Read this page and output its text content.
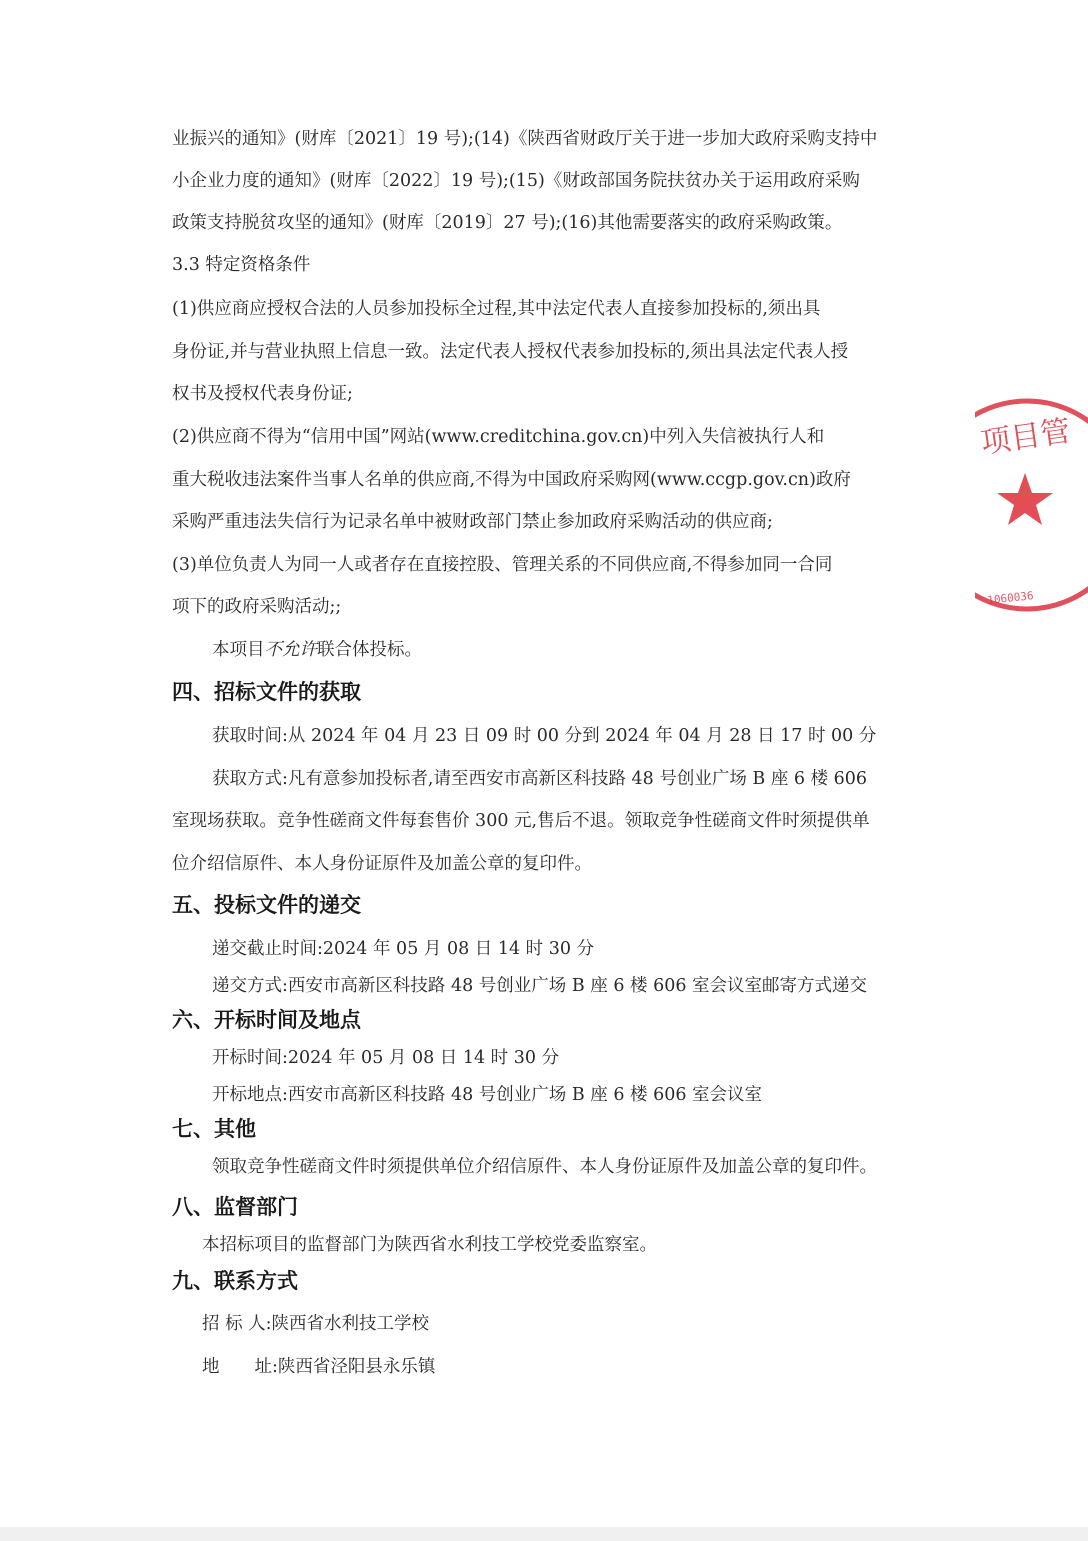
业振兴的通知》(财库〔2021〕19 号);(14)《陕西省财政厅关于进一步加大政府采购支持中
小企业力度的通知》(财库〔2022〕19 号);(15)《财政部国务院扶贫办关于运用政府采购
政策支持脱贫攻坚的通知》(财库〔2019〕27 号);(16)其他需要落实的政府采购政策。
3.3 特定资格条件
(1)供应商应授权合法的人员参加投标全过程,其中法定代表人直接参加投标的,须出具
身份证,并与营业执照上信息一致。法定代表人授权代表参加投标的,须出具法定代表人授
权书及授权代表身份证;
(2)供应商不得为“信用中国”网站(www.creditchina.gov.cn)中列入失信被执行人和
重大税收违法案件当事人名单的供应商,不得为中国政府采购网(www.ccgp.gov.cn)政府
采购严重违法失信行为记录名单中被财政部门禁止参加政府采购活动的供应商;
(3)单位负责人为同一人或者存在直接控股、管理关系的不同供应商,不得参加同一合同
项下的政府采购活动;;
本项目不允许联合体投标。
四、招标文件的获取
获取时间:从 2024 年 04 月 23 日 09 时 00 分到 2024 年 04 月 28 日 17 时 00 分
获取方式:凡有意参加投标者,请至西安市高新区科技路 48 号创业广场 B 座 6 楼 606
室现场获取。竞争性磋商文件每套售价 300 元,售后不退。领取竞争性磋商文件时须提供单
位介绍信原件、本人身份证原件及加盖公章的复印件。
五、投标文件的递交
递交截止时间:2024 年 05 月 08 日 14 时 30 分
递交方式:西安市高新区科技路 48 号创业广场 B 座 6 楼 606 室会议室邮寄方式递交
六、开标时间及地点
开标时间:2024 年 05 月 08 日 14 时 30 分
开标地点:西安市高新区科技路 48 号创业广场 B 座 6 楼 606 室会议室
七、其他
领取竞争性磋商文件时须提供单位介绍信原件、本人身份证原件及加盖公章的复印件。
八、监督部门
本招标项目的监督部门为陕西省水利技工学校党委监察室。
九、联系方式
招 标 人:陕西省水利技工学校
地　　址:陕西省泾阳县永乐镇
项目管
1060036
